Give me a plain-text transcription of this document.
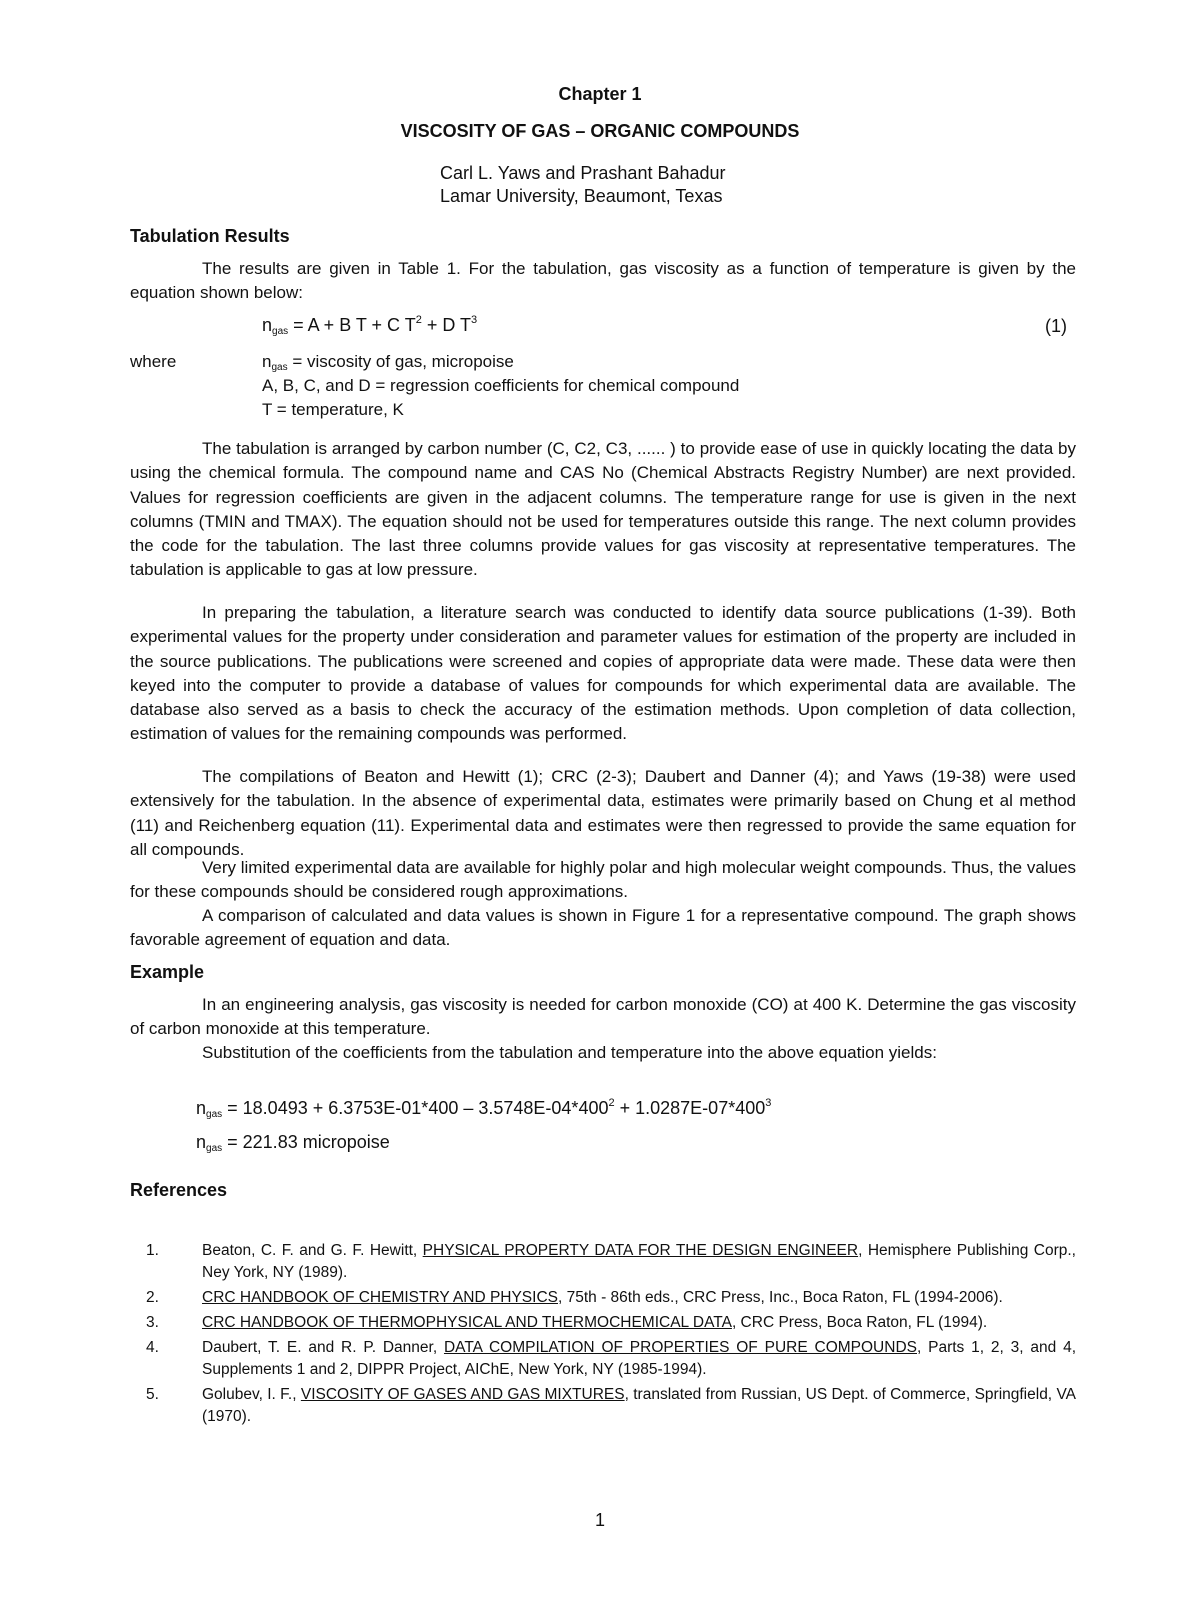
Chapter 1
VISCOSITY OF GAS – ORGANIC COMPOUNDS
Carl L. Yaws and Prashant Bahadur
Lamar University, Beaumont, Texas
Tabulation Results

The results are given in Table 1. For the tabulation, gas viscosity as a function of temperature is given by the equation shown below:

$n_{gas} = A + B$ T + C $T^2 + D$ $T^3$	(1)
where	$n_{gas}$ = viscosity of gas, micropoise
A, B, C, and D = regression coefficients for chemical compound
T = temperature, K

The tabulation is arranged by carbon number (C, C2, C3, ...... ) to provide ease of use in quickly locating the data by using the chemical formula. The compound name and CAS No (Chemical Abstracts Registry Number) are next provided. Values for regression coefficients are given in the adjacent columns. The temperature range for use is given in the next columns (TMIN and TMAX). The equation should not be used for temperatures outside this range. The next column provides the code for the tabulation. The last three columns provide values for gas viscosity at representative temperatures. The tabulation is applicable to gas at low pressure.

In preparing the tabulation, a literature search was conducted to identify data source publications (1-39). Both experimental values for the property under consideration and parameter values for estimation of the property are included in the source publications. The publications were screened and copies of appropriate data were made. These data were then keyed into the computer to provide a database of values for compounds for which experimental data are available. The database also served as a basis to check the accuracy of the estimation methods. Upon completion of data collection, estimation of values for the remaining compounds was performed.

The compilations of Beaton and Hewitt (1); CRC (2-3); Daubert and Danner (4); and Yaws (19-38) were used extensively for the tabulation. In the absence of experimental data, estimates were primarily based on Chung et al method (11) and Reichenberg equation (11). Experimental data and estimates were then regressed to provide the same equation for all compounds.

Very limited experimental data are available for highly polar and high molecular weight compounds. Thus, the values for these compounds should be considered rough approximations.

A comparison of calculated and data values is shown in Figure 1 for a representative compound. The graph shows favorable agreement of equation and data.

Example

In an engineering analysis, gas viscosity is needed for carbon monoxide (CO) at 400 K. Determine the gas viscosity of carbon monoxide at this temperature.

Substitution of the coefficients from the tabulation and temperature into the above equation yields:

$n_{gas} = 18.0493 + 6.3753E-01*400 - 3.5748E-04*400^2 + 1.0287E-07*400^3$
$n_{gas} = 221.83$ micropoise
References
1.	Beaton, C. F. and G. F. Hewitt, PHYSICAL PROPERTY DATA FOR THE DESIGN ENGINEER, Hemisphere Publishing Corp., Ney York, NY (1989).
2.	CRC HANDBOOK OF CHEMISTRY AND PHYSICS, 75th - 86th eds., CRC Press, Inc., Boca Raton, FL (1994-2006).
3.	CRC HANDBOOK OF THERMOPHYSICAL AND THERMOCHEMICAL DATA, CRC Press, Boca Raton, FL (1994).
4.	Daubert, T. E. and R. P. Danner, DATA COMPILATION OF PROPERTIES OF PURE COMPOUNDS, Parts 1, 2, 3, and 4, Supplements 1 and 2, DIPPR Project, AIChE, New York, NY (1985-1994).
5.	Golubev, I. F., VISCOSITY OF GASES AND GAS MIXTURES, translated from Russian, US Dept. of Commerce, Springfield, VA (1970).
1
